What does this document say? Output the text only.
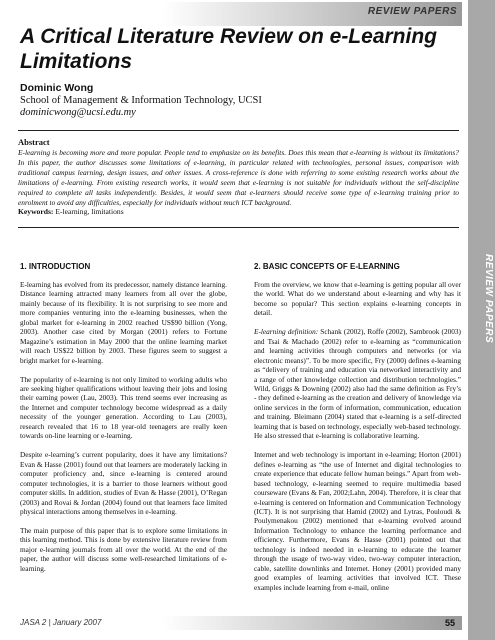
REVIEW PAPERS
REVIEW PAPERS
A Critical Literature Review on e-Learning Limitations
Dominic Wong
School of Management & Information Technology, UCSI
dominicwong@ucsi.edu.my

Abstract

E-learning is becoming more and more popular. People tend to emphasize on its benefits. Does this mean that e-learning is without its limitations? In this paper, the author discusses some limitations of e-learning, in particular related with technologies, personal issues, comparison with traditional campus learning, design issues, and other issues. A cross-reference is done with referring to some existing research works about the limitations of e-learning. From existing research works, it would seem that e-learning is not suitable for individuals without the self-discipline required to complete all tasks independently. Besides, it would seem that e-learners should receive some type of e-learning training prior to enrolment to avoid any difficulties, especially for individuals without much ICT background.

Keywords: E-learning, limitations

1. INTRODUCTION

E-learning has evolved from its predecessor, namely distance learning. Distance learning attracted many learners from all over the globe, mainly because of its flexibility. It is not surprising to see more and more companies venturing into the e-learning businesses, when the global market for e-learning in 2002 reached US$90 billion (Yong, 2003). Another case cited by Morgan (2001) refers to Fortune Magazine’s estimation in May 2000 that the online learning market will reach US$22 billion by 2003. These figures seem to suggest a bright market for e-learning.

The popularity of e-learning is not only limited to working adults who are seeking higher qualifications without leaving their jobs and losing their earning power (Lau, 2003). This trend seems ever increasing as the Internet and computer technology become widespread as a daily necessity of the younger generation. According to Lau (2003), research revealed that 16 to 18 year-old teenagers are really keen towards on-line learning or e-learning.

Despite e-learning’s current popularity, does it have any limitations? Evan & Hasse (2001) found out that learners are moderately lacking in computer proficiency and, since e-learning is centered around computer technologies, it is a barrier to those learners without good computer skills. In addition, studies of Evan & Hasse (2001), O’Regan (2003) and Rovai & Jordan (2004) found out that learners face limited physical interactions among themselves in e-learning.

The main purpose of this paper that is to explore some limitations in this learning method. This is done by extensive literature review from major e-learning journals from all over the world. At the end of the paper, the author will discuss some well-researched limitations of e-learning.

2. BASIC CONCEPTS OF E-LEARNING

From the overview, we know that e-learning is getting popular all over the world. What do we understand about e-learning and why has it become so popular? This section explains e-learning concepts in detail.

E-learning definition: Schank (2002), Roffe (2002), Sambrook (2003) and Tsai & Machado (2002) refer to e-learning as “communication and learning activities through computers and networks (or via electronic means)”. To be more specific, Fry (2000) defines e-learning as “delivery of training and education via networked interactivity and a range of other knowledge collection and distribution technologies.” Wild, Griggs & Downing (2002) also had the same definition as Fry’s - they defined e-learning as the creation and delivery of knowledge via online services in the form of information, communication, education and training. Bleimann (2004) stated that e-learning is a self-directed learning that is based on technology, especially web-based technology. He also stressed that e-learning is collaborative learning.

Internet and web technology is important in e-learning; Horton (2001) defines e-learning as “the use of Internet and digital technologies to create experience that educate fellow human beings.” Apart from web-based technology, e-learning seemed to require multimedia based courseware (Evans & Fan, 2002;Lahn, 2004). Therefore, it is clear that e-learning is centered on Information and Communication Technology (ICT). It is not surprising that Hamid (2002) and Lytras, Pouloudi & Poulymenakou (2002) mentioned that e-learning evolved around Information Technology to enhance the learning performance and efficiency. Furthermore, Evans & Hasse (2001) pointed out that technology is indeed needed in e-learning to educate the learner through the usage of two-way video, two-way computer interaction, cable, satellite downlinks and Internet. Honey (2001) provided many good examples of learning activities that involved ICT. These examples include learning from e-mail, online

JASA 2 | January 2007	55
